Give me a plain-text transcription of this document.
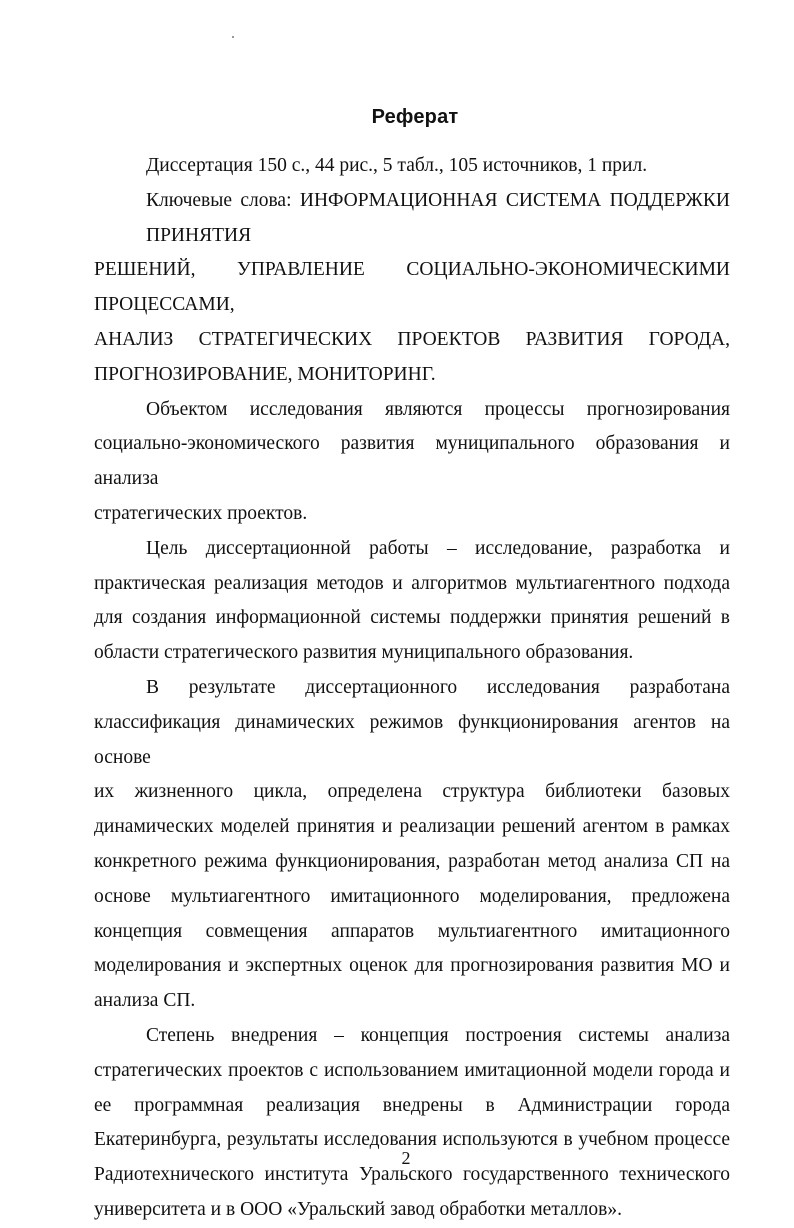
Реферат

Диссертация 150 с., 44 рис., 5 табл., 105 источников, 1 прил.

Ключевые слова: ИНФОРМАЦИОННАЯ СИСТЕМА ПОДДЕРЖКИ ПРИНЯТИЯ
РЕШЕНИЙ, УПРАВЛЕНИЕ СОЦИАЛЬНО-ЭКОНОМИЧЕСКИМИ ПРОЦЕССАМИ,
АНАЛИЗ СТРАТЕГИЧЕСКИХ ПРОЕКТОВ РАЗВИТИЯ ГОРОДА,
ПРОГНОЗИРОВАНИЕ, МОНИТОРИНГ.

Объектом исследования являются процессы прогнозирования
социально-экономического развития муниципального образования и анализа
стратегических проектов.

Цель диссертационной работы – исследование, разработка и
практическая реализация методов и алгоритмов мультиагентного подхода
для создания информационной системы поддержки принятия решений в
области стратегического развития муниципального образования.

В результате диссертационного исследования разработана
классификация динамических режимов функционирования агентов на основе
их жизненного цикла, определена структура библиотеки базовых
динамических моделей принятия и реализации решений агентом в рамках
конкретного режима функционирования, разработан метод анализа СП на
основе мультиагентного имитационного моделирования, предложена
концепция совмещения аппаратов мультиагентного имитационного
моделирования и экспертных оценок для прогнозирования развития МО и
анализа СП.

Степень внедрения – концепция построения системы анализа
стратегических проектов с использованием имитационной модели города и
ее программная реализация внедрены в Администрации города
Екатеринбурга, результаты исследования используются в учебном процессе
Радиотехнического института Уральского государственного технического
университета и в ООО «Уральский завод обработки металлов».

2
